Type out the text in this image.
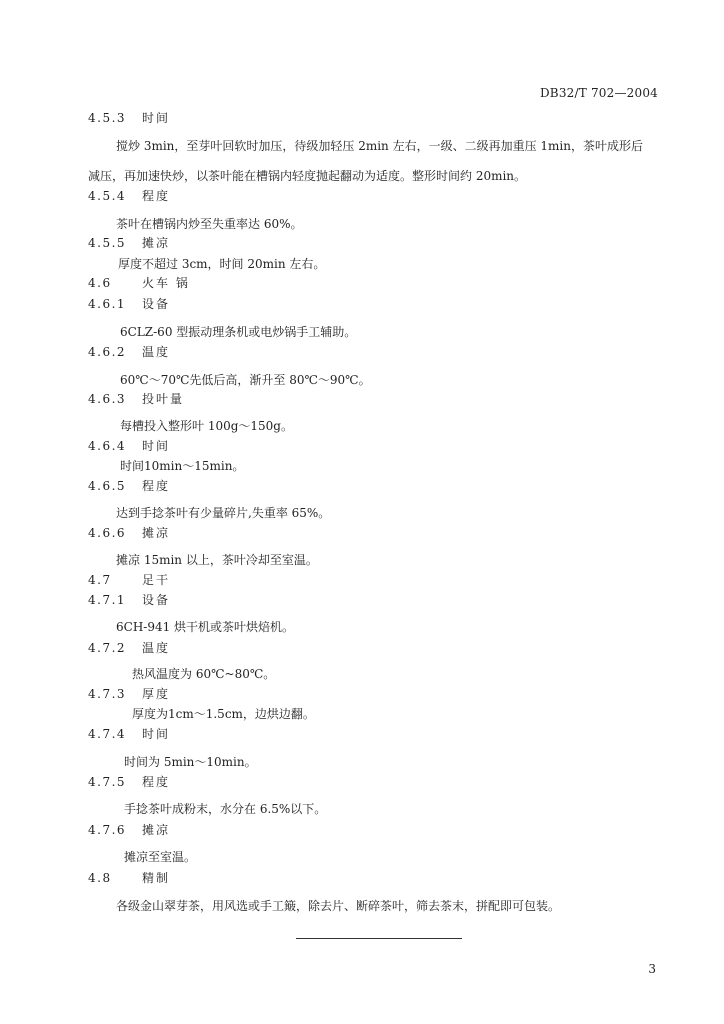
DB32/T 702—2004
4.5.3 时间
搅炒 3min，至芽叶回软时加压，待级加轻压 2min 左右，一级、二级再加重压 1min，茶叶成形后
减压，再加速快炒，以茶叶能在槽锅内轻度抛起翻动为适度。整形时间约 20min。
4.5.4 程度
茶叶在槽锅内炒至失重率达 60%。
4.5.5 摊凉
厚度不超过 3cm，时间 20min 左右。
4.6	火车 锅
4.6.1 设备
6CLZ-60 型振动理条机或电炒锅手工辅助。
4.6.2 温度
60℃～70℃先低后高，渐升至 80℃～90℃。
4.6.3 投叶量
每槽投入整形叶 100g～150g。
4.6.4 时间
时间10min～15min。
4.6.5 程度
达到手捻茶叶有少量碎片,失重率 65%。
4.6.6 摊凉
摊凉 15min 以上，茶叶冷却至室温。
4.7	足干
4.7.1 设备
6CH-941 烘干机或茶叶烘焙机。
4.7.2 温度
热风温度为 60℃~80℃。
4.7.3 厚度
厚度为1cm～1.5cm，边烘边翻。
4.7.4 时间
时间为 5min～10min。
4.7.5 程度
手捻茶叶成粉末，水分在 6.5%以下。
4.7.6 摊凉
摊凉至室温。
4.8	精制
各级金山翠芽茶，用风选或手工簸，除去片、断碎茶叶，筛去茶末，拼配即可包装。
3
